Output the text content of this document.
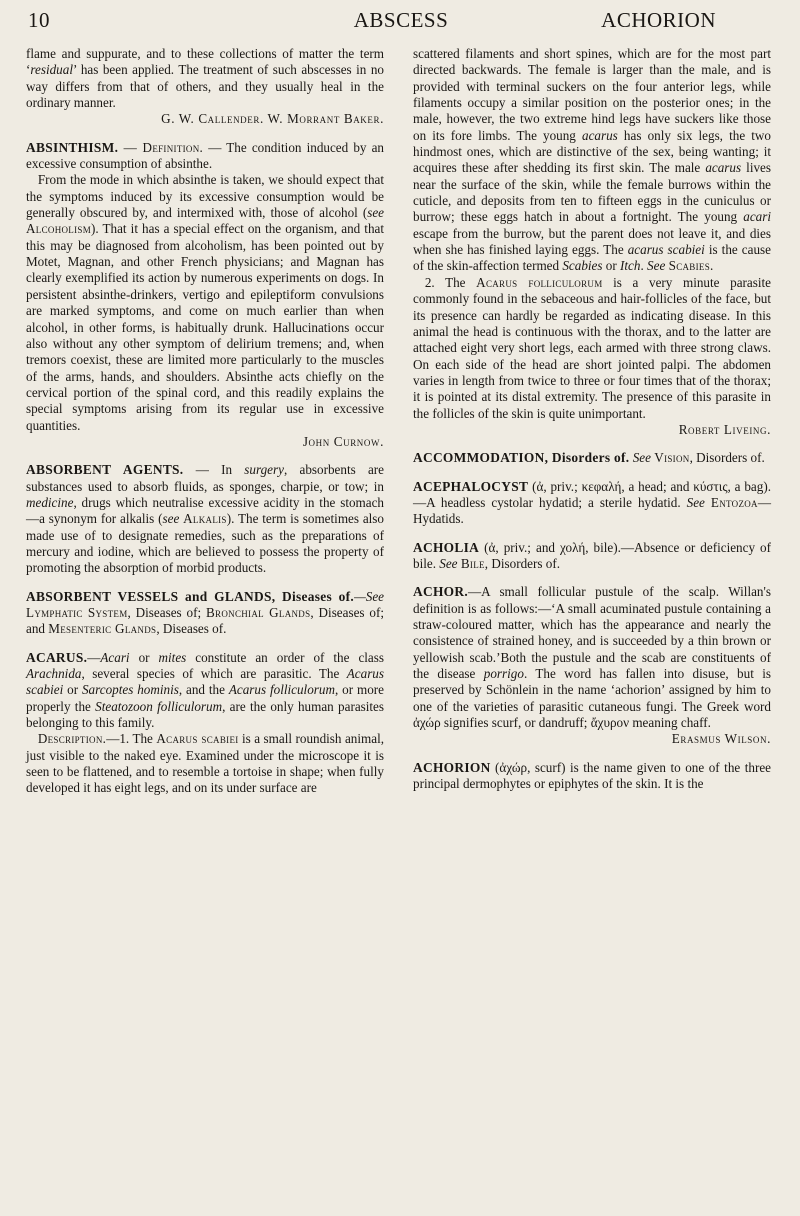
10	ABSCESS	ACHORION

flame and suppurate, and to these collections of matter the term ‘residual’ has been applied. The treatment of such abscesses in no way differs from that of others, and they usually heal in the ordinary manner.
G. W. Callender. W. Morrant Baker.

ABSINTHISM. — Definition. — The condition induced by an excessive consumption of absinthe.

From the mode in which absinthe is taken, we should expect that the symptoms induced by its excessive consumption would be generally obscured by, and intermixed with, those of alcohol (see Alcoholism). That it has a special effect on the organism, and that this may be diagnosed from alcoholism, has been pointed out by Motet, Magnan, and other French physicians; and Magnan has clearly exemplified its action by numerous experiments on dogs. In persistent absinthe-drinkers, vertigo and epileptiform convulsions are marked symptoms, and come on much earlier than when alcohol, in other forms, is habitually drunk. Hallucinations occur also without any other symptom of delirium tremens; and, when tremors coexist, these are limited more particularly to the muscles of the arms, hands, and shoulders. Absinthe acts chiefly on the cervical portion of the spinal cord, and this readily explains the special symptoms arising from its regular use in excessive quantities.
John Curnow.

ABSORBENT AGENTS. — In surgery, absorbents are substances used to absorb fluids, as sponges, charpie, or tow; in medicine, drugs which neutralise excessive acidity in the stomach—a synonym for alkalis (see Alkalis). The term is sometimes also made use of to designate remedies, such as the preparations of mercury and iodine, which are believed to possess the property of promoting the absorption of morbid products.

ABSORBENT VESSELS and GLANDS, Diseases of.—See Lymphatic System, Diseases of; Bronchial Glands, Diseases of; and Mesenteric Glands, Diseases of.

ACARUS.—Acari or mites constitute an order of the class Arachnida, several species of which are parasitic. The Acarus scabiei or Sarcoptes hominis, and the Acarus folliculorum, or more properly the Steatozoon folliculorum, are the only human parasites belonging to this family.

Description.—1. The Acarus scabiei is a small roundish animal, just visible to the naked eye. Examined under the microscope it is seen to be flattened, and to resemble a tortoise in shape; when fully developed it has eight legs, and on its under surface are

scattered filaments and short spines, which are for the most part directed backwards. The female is larger than the male, and is provided with terminal suckers on the four anterior legs, while filaments occupy a similar position on the posterior ones; in the male, however, the two extreme hind legs have suckers like those on its fore limbs. The young acarus has only six legs, the two hindmost ones, which are distinctive of the sex, being wanting; it acquires these after shedding its first skin. The male acarus lives near the surface of the skin, while the female burrows within the cuticle, and deposits from ten to fifteen eggs in the cuniculus or burrow; these eggs hatch in about a fortnight. The young acari escape from the burrow, but the parent does not leave it, and dies when she has finished laying eggs. The acarus scabiei is the cause of the skin-affection termed Scabies or Itch. See Scabies.

2. The Acarus folliculorum is a very minute parasite commonly found in the sebaceous and hair-follicles of the face, but its presence can hardly be regarded as indicating disease. In this animal the head is continuous with the thorax, and to the latter are attached eight very short legs, each armed with three strong claws. On each side of the head are short jointed palpi. The abdomen varies in length from twice to three or four times that of the thorax; it is pointed at its distal extremity. The presence of this parasite in the follicles of the skin is quite unimportant.
Robert Liveing.

ACCOMMODATION, Disorders of. See Vision, Disorders of.

ACEPHALOCYST (ἀ, priv.; κεφαλή, a head; and κύστις, a bag).—A headless cystolar hydatid; a sterile hydatid. See Entozoa—Hydatids.

ACHOLIA (ἀ, priv.; and χολή, bile).—Absence or deficiency of bile. See Bile, Disorders of.

ACHOR.—A small follicular pustule of the scalp. Willan's definition is as follows:—‘A small acuminated pustule containing a straw-coloured matter, which has the appearance and nearly the consistence of strained honey, and is succeeded by a thin brown or yellowish scab.’Both the pustule and the scab are constituents of the disease porrigo. The word has fallen into disuse, but is preserved by Schönlein in the name ‘achorion’ assigned by him to one of the varieties of parasitic cutaneous fungi. The Greek word ἀχώρ signifies scurf, or dandruff; ἄχυρον meaning chaff.
Erasmus Wilson.

ACHORION (ἀχώρ, scurf) is the name given to one of the three principal dermophytes or epiphytes of the skin. It is the
